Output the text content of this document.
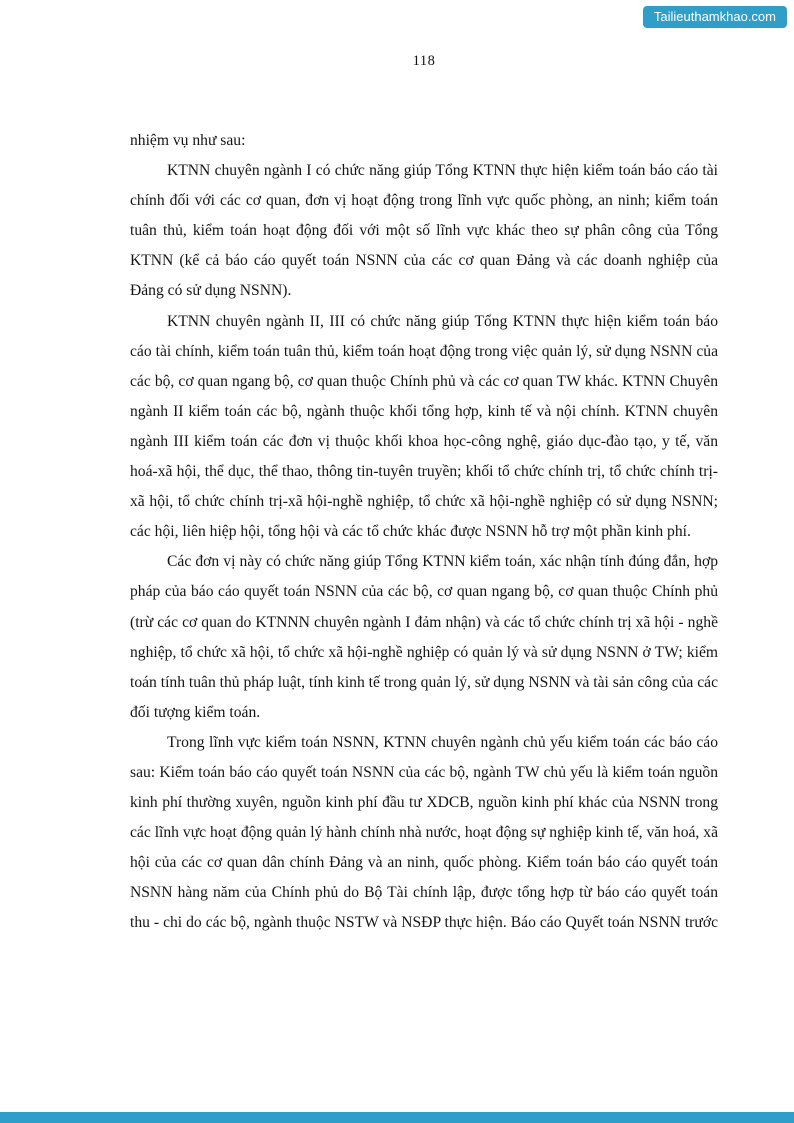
Tailieuthamkhao.com
118

nhiệm vụ như sau:

KTNN chuyên ngành I có chức năng giúp Tổng KTNN thực hiện kiểm toán báo cáo tài chính đối với các cơ quan, đơn vị hoạt động trong lĩnh vực quốc phòng, an ninh; kiểm toán tuân thủ, kiểm toán hoạt động đối với một số lĩnh vực khác theo sự phân công của Tổng KTNN (kể cả báo cáo quyết toán NSNN của các cơ quan Đảng và các doanh nghiệp của Đảng có sử dụng NSNN).

KTNN chuyên ngành II, III có chức năng giúp Tổng KTNN thực hiện kiểm toán báo cáo tài chính, kiểm toán tuân thủ, kiểm toán hoạt động trong việc quản lý, sử dụng NSNN của các bộ, cơ quan ngang bộ, cơ quan thuộc Chính phủ và các cơ quan TW khác. KTNN Chuyên ngành II kiểm toán các bộ, ngành thuộc khối tổng hợp, kinh tế và nội chính. KTNN chuyên ngành III kiểm toán các đơn vị thuộc khối khoa học-công nghệ, giáo dục-đào tạo, y tế, văn hoá-xã hội, thể dục, thể thao, thông tin-tuyên truyền; khối tổ chức chính trị, tổ chức chính trị-xã hội, tổ chức chính trị-xã hội-nghề nghiệp, tổ chức xã hội-nghề nghiệp có sử dụng NSNN; các hội, liên hiệp hội, tổng hội và các tổ chức khác được NSNN hỗ trợ một phần kinh phí.

Các đơn vị này có chức năng giúp Tổng KTNN kiểm toán, xác nhận tính đúng đắn, hợp pháp của báo cáo quyết toán NSNN của các bộ, cơ quan ngang bộ, cơ quan thuộc Chính phủ (trừ các cơ quan do KTNNN chuyên ngành I đảm nhận) và các tổ chức chính trị xã hội - nghề nghiệp, tổ chức xã hội, tổ chức xã hội-nghề nghiệp có quản lý và sử dụng NSNN ở TW; kiểm toán tính tuân thủ pháp luật, tính kinh tế trong quản lý, sử dụng NSNN và tài sản công của các đối tượng kiểm toán.

Trong lĩnh vực kiểm toán NSNN, KTNN chuyên ngành chủ yếu kiểm toán các báo cáo sau: Kiểm toán báo cáo quyết toán NSNN của các bộ, ngành TW chủ yếu là kiểm toán nguồn kinh phí thường xuyên, nguồn kinh phí đầu tư XDCB, nguồn kinh phí khác của NSNN trong các lĩnh vực hoạt động quản lý hành chính nhà nước, hoạt động sự nghiệp kinh tế, văn hoá, xã hội của các cơ quan dân chính Đảng và an ninh, quốc phòng. Kiểm toán báo cáo quyết toán NSNN hàng năm của Chính phủ do Bộ Tài chính lập, được tổng hợp từ báo cáo quyết toán thu - chi do các bộ, ngành thuộc NSTW và NSĐP thực hiện. Báo cáo Quyết toán NSNN trước
